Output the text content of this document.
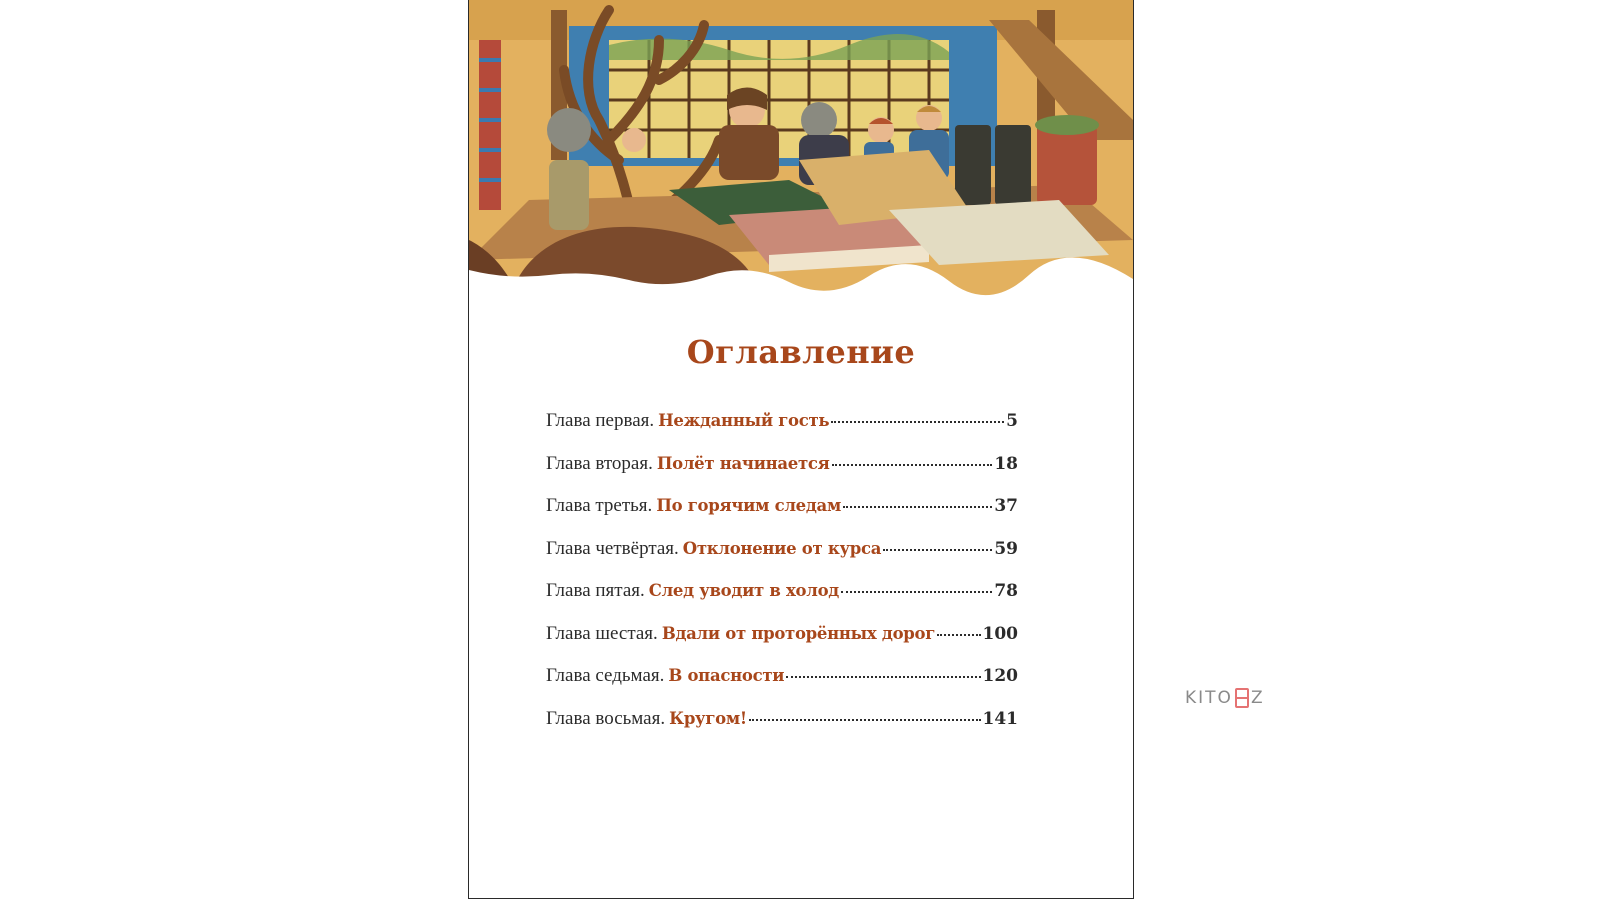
Оглавление
Глава первая. Нежданный гость	5
Глава вторая. Полёт начинается	18
Глава третья. По горячим следам	37
Глава четвёртая. Отклонение от курса	59
Глава пятая. След уводит в холод	78
Глава шестая. Вдали от проторённых дорог	100
Глава седьмая. В опасности	120
Глава восьмая. Кругом!	141
KITO Z
